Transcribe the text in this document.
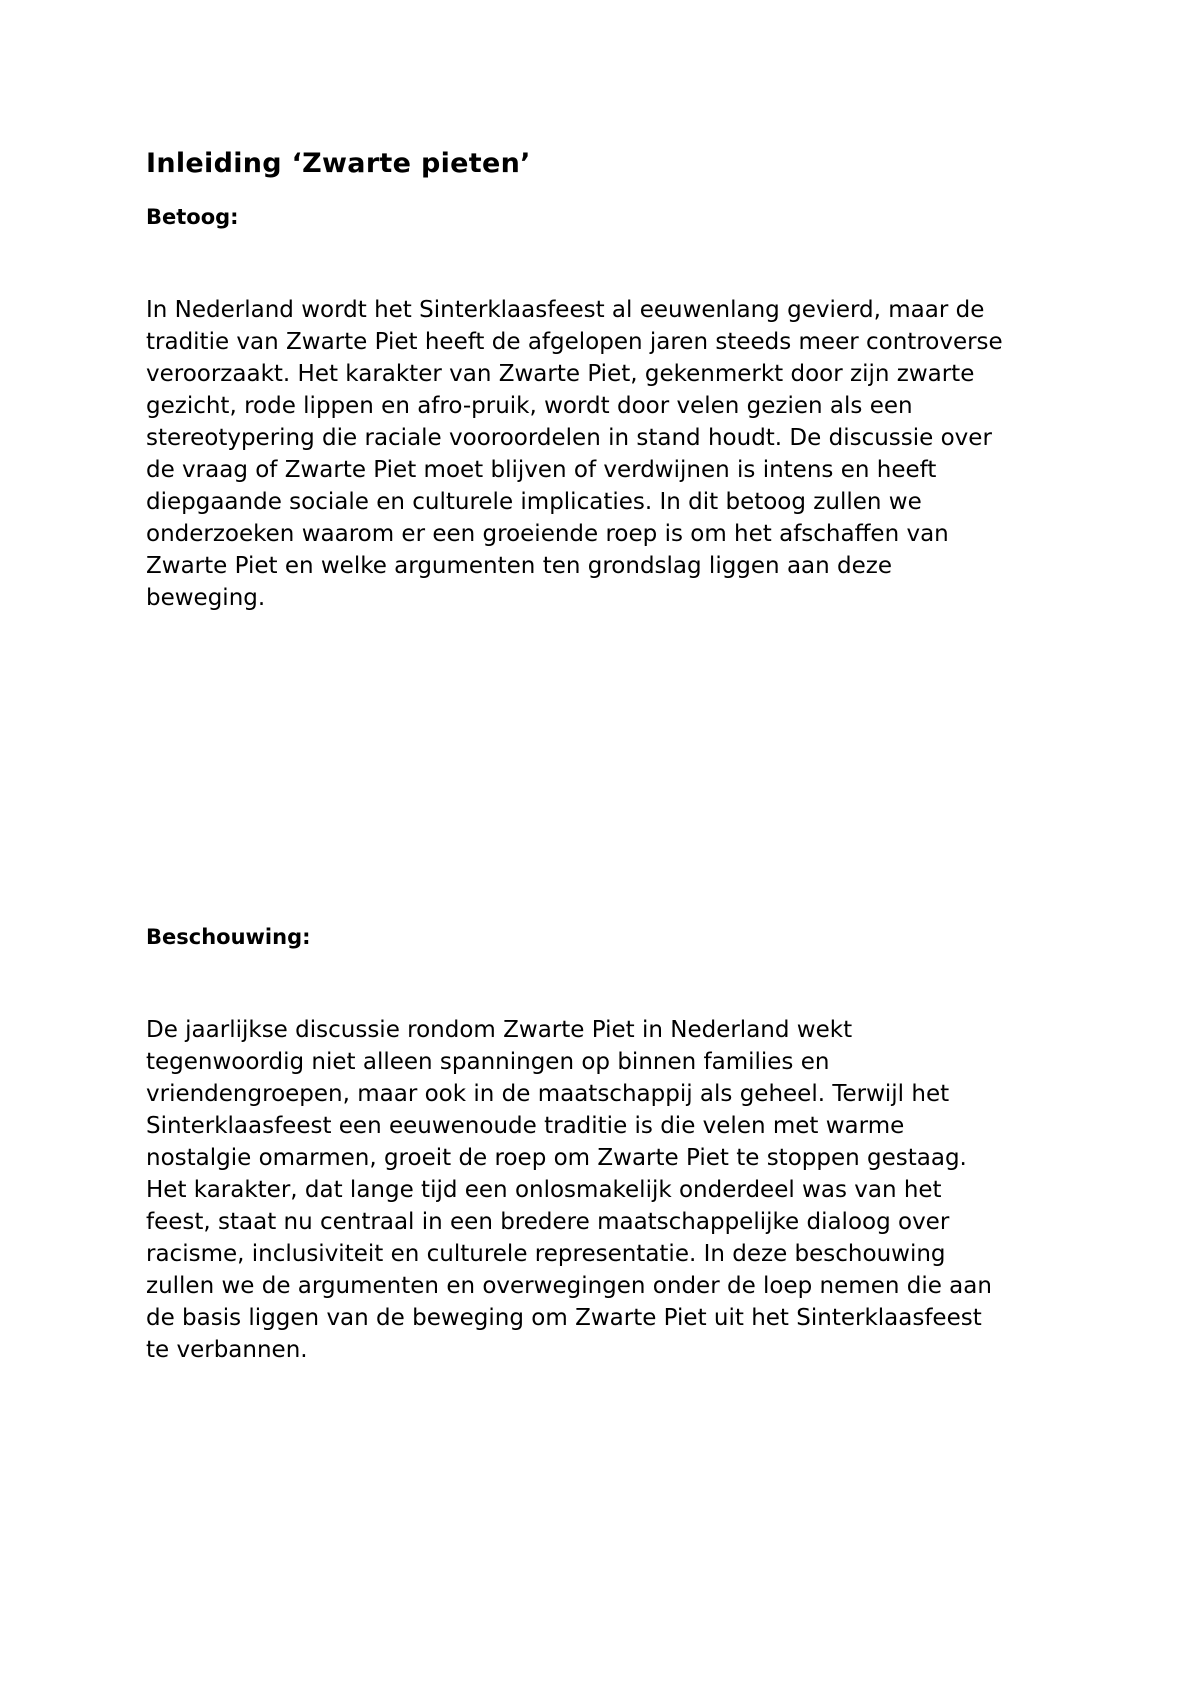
Inleiding ‘Zwarte pieten’
Betoog:

In Nederland wordt het Sinterklaasfeest al eeuwenlang gevierd, maar de
traditie van Zwarte Piet heeft de afgelopen jaren steeds meer controverse
veroorzaakt. Het karakter van Zwarte Piet, gekenmerkt door zijn zwarte
gezicht, rode lippen en afro-pruik, wordt door velen gezien als een
stereotypering die raciale vooroordelen in stand houdt. De discussie over
de vraag of Zwarte Piet moet blijven of verdwijnen is intens en heeft
diepgaande sociale en culturele implicaties. In dit betoog zullen we
onderzoeken waarom er een groeiende roep is om het afschaffen van
Zwarte Piet en welke argumenten ten grondslag liggen aan deze
beweging.

Beschouwing:

De jaarlijkse discussie rondom Zwarte Piet in Nederland wekt
tegenwoordig niet alleen spanningen op binnen families en
vriendengroepen, maar ook in de maatschappij als geheel. Terwijl het
Sinterklaasfeest een eeuwenoude traditie is die velen met warme
nostalgie omarmen, groeit de roep om Zwarte Piet te stoppen gestaag.
Het karakter, dat lange tijd een onlosmakelijk onderdeel was van het
feest, staat nu centraal in een bredere maatschappelijke dialoog over
racisme, inclusiviteit en culturele representatie. In deze beschouwing
zullen we de argumenten en overwegingen onder de loep nemen die aan
de basis liggen van de beweging om Zwarte Piet uit het Sinterklaasfeest
te verbannen.
